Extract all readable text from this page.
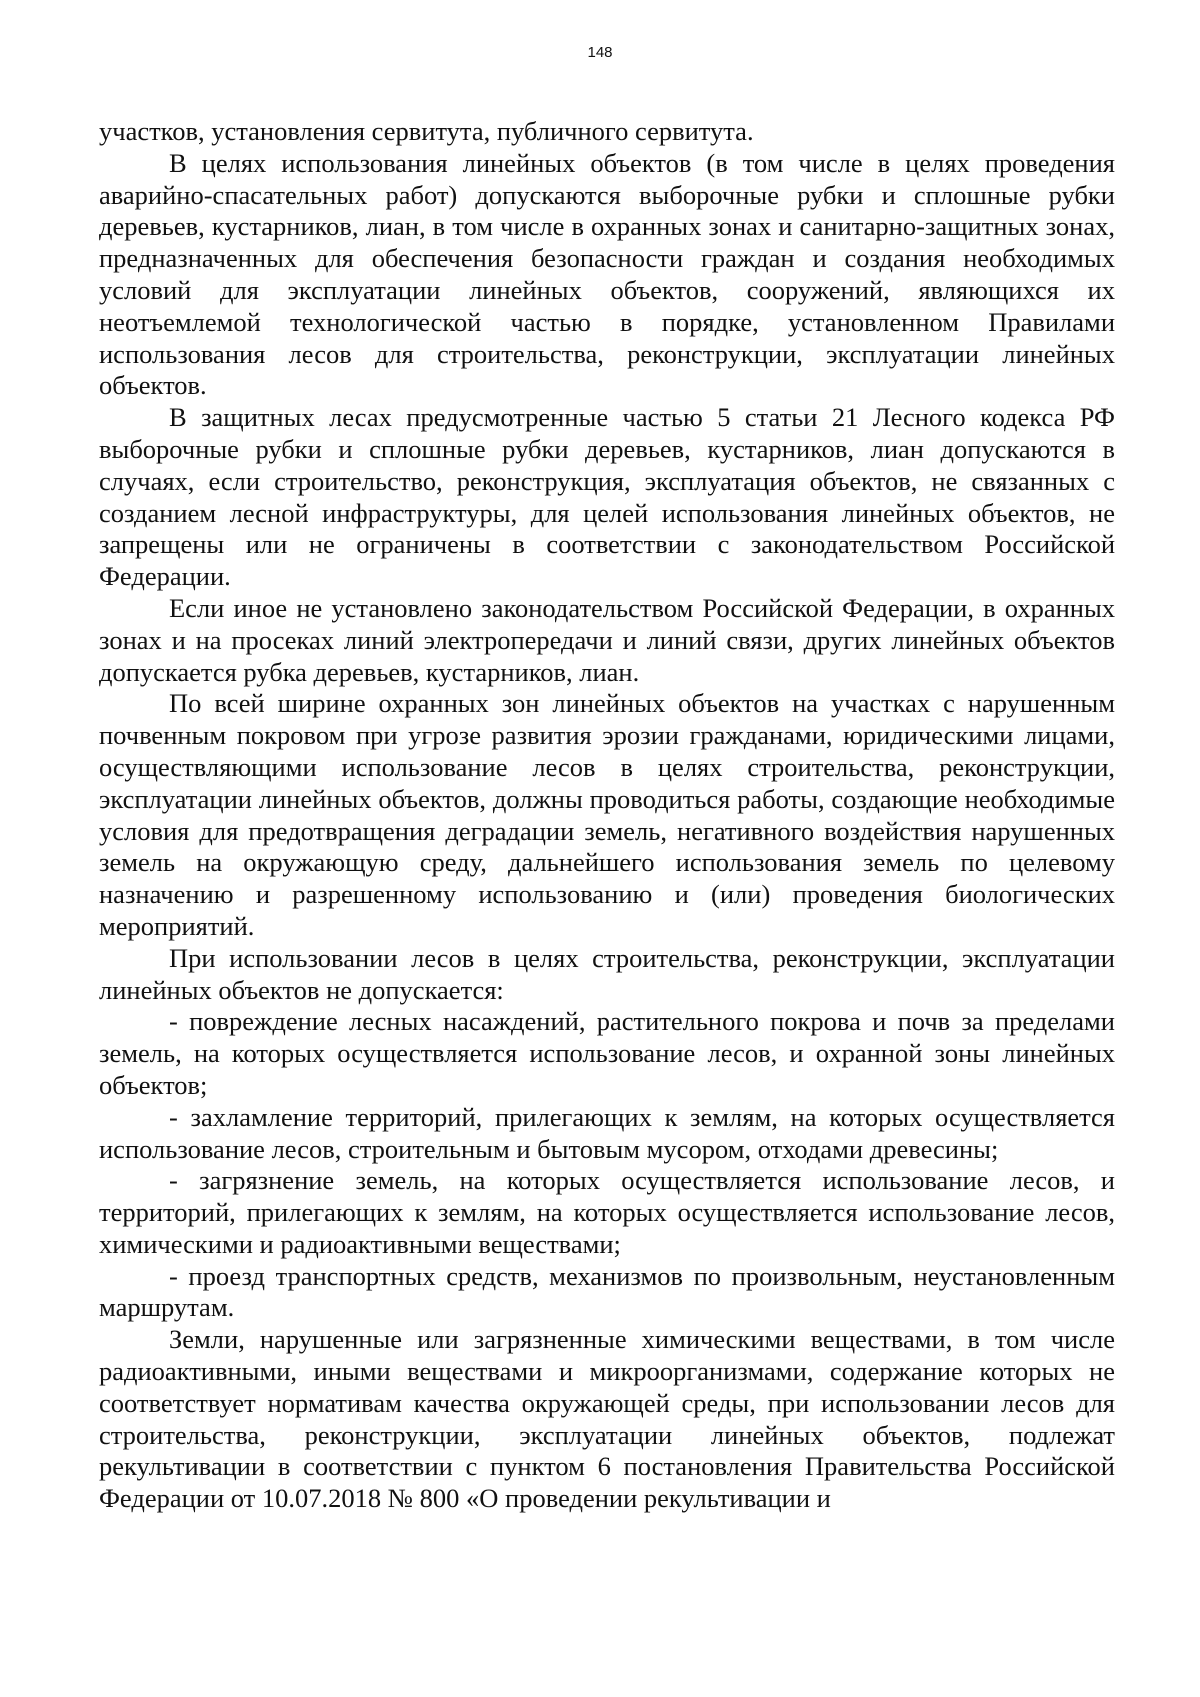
148

участков, установления сервитута, публичного сервитута.

В целях использования линейных объектов (в том числе в целях проведения аварийно-спасательных работ) допускаются выборочные рубки и сплошные рубки деревьев, кустарников, лиан, в том числе в охранных зонах и санитарно-защитных зонах, предназначенных для обеспечения безопасности граждан и создания необходимых условий для эксплуатации линейных объектов, сооружений, являющихся их неотъемлемой технологической частью в порядке, установленном Правилами использования лесов для строительства, реконструкции, эксплуатации линейных объектов.

В защитных лесах предусмотренные частью 5 статьи 21 Лесного кодекса РФ выборочные рубки и сплошные рубки деревьев, кустарников, лиан допускаются в случаях, если строительство, реконструкция, эксплуатация объектов, не связанных с созданием лесной инфраструктуры, для целей использования линейных объектов, не запрещены или не ограничены в соответствии с законодательством Российской Федерации.

Если иное не установлено законодательством Российской Федерации, в охранных зонах и на просеках линий электропередачи и линий связи, других линейных объектов допускается рубка деревьев, кустарников, лиан.

По всей ширине охранных зон линейных объектов на участках с нарушенным почвенным покровом при угрозе развития эрозии гражданами, юридическими лицами, осуществляющими использование лесов в целях строительства, реконструкции, эксплуатации линейных объектов, должны проводиться работы, создающие необходимые условия для предотвращения деградации земель, негативного воздействия нарушенных земель на окружающую среду, дальнейшего использования земель по целевому назначению и разрешенному использованию и (или) проведения биологических мероприятий.

При использовании лесов в целях строительства, реконструкции, эксплуатации линейных объектов не допускается:

- повреждение лесных насаждений, растительного покрова и почв за пределами земель, на которых осуществляется использование лесов, и охранной зоны линейных объектов;

- захламление территорий, прилегающих к землям, на которых осуществляется использование лесов, строительным и бытовым мусором, отходами древесины;

- загрязнение земель, на которых осуществляется использование лесов, и территорий, прилегающих к землям, на которых осуществляется использование лесов, химическими и радиоактивными веществами;

- проезд транспортных средств, механизмов по произвольным, неустановленным маршрутам.

Земли, нарушенные или загрязненные химическими веществами, в том числе радиоактивными, иными веществами и микроорганизмами, содержание которых не соответствует нормативам качества окружающей среды, при использовании лесов для строительства, реконструкции, эксплуатации линейных объектов, подлежат рекультивации в соответствии с пунктом 6 постановления Правительства Российской Федерации от 10.07.2018 № 800 «О проведении рекультивации и
